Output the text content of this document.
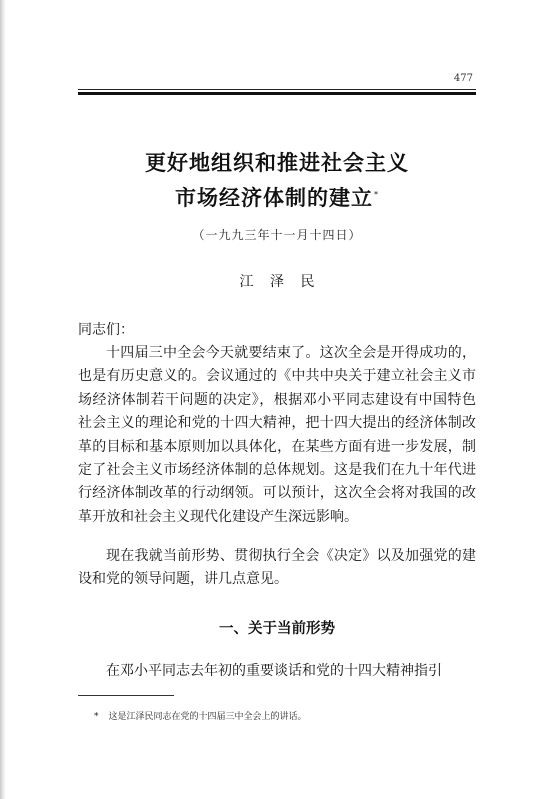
477
更好地组织和推进社会主义
市场经济体制的建立*
（一九九三年十一月十四日）
江 泽 民
同志们：
十四届三中全会今天就要结束了。这次全会是开得成功的，也是有历史意义的。会议通过的《中共中央关于建立社会主义市场经济体制若干问题的决定》，根据邓小平同志建设有中国特色社会主义的理论和党的十四大精神，把十四大提出的经济体制改革的目标和基本原则加以具体化，在某些方面有进一步发展，制定了社会主义市场经济体制的总体规划。这是我们在九十年代进行经济体制改革的行动纲领。可以预计，这次全会将对我国的改革开放和社会主义现代化建设产生深远影响。
现在我就当前形势、贯彻执行全会《决定》以及加强党的建设和党的领导问题，讲几点意见。
一、关于当前形势
在邓小平同志去年初的重要谈话和党的十四大精神指引
* 这是江泽民同志在党的十四届三中全会上的讲话。
